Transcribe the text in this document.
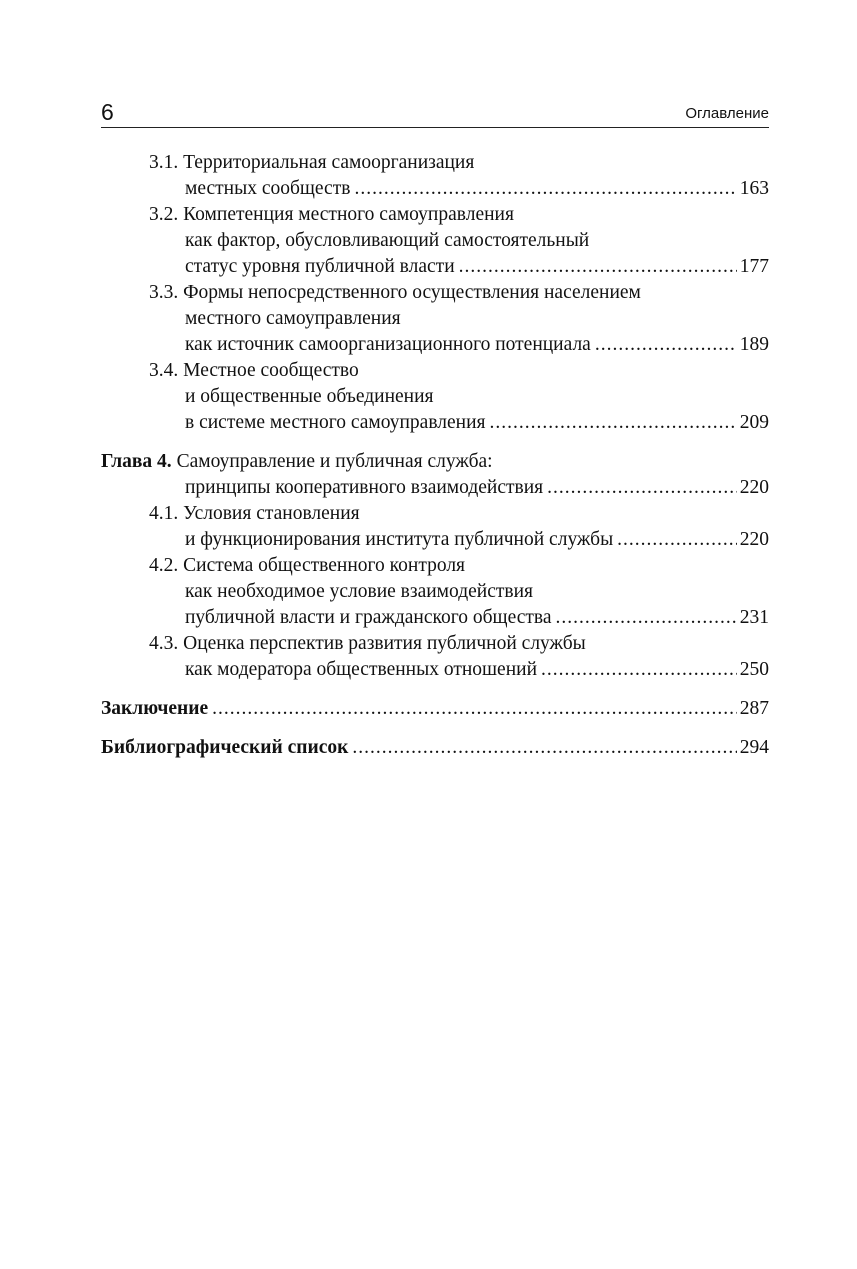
6	Оглавление
3.1. Территориальная самоорганизация
местных сообществ .....	163
3.2. Компетенция местного самоуправления
как фактор, обусловливающий самостоятельный
статус уровня публичной власти .....	177
3.3. Формы непосредственного осуществления населением
местного самоуправления
как источник самоорганизационного потенциала .....	189
3.4. Местное сообщество
и общественные объединения
в системе местного самоуправления .....	209
Глава 4. Самоуправление и публичная служба:
принципы кооперативного взаимодействия .....	220
4.1. Условия становления
и функционирования института публичной службы .....	220
4.2. Система общественного контроля
как необходимое условие взаимодействия
публичной власти и гражданского общества .....	231
4.3. Оценка перспектив развития публичной службы
как модератора общественных отношений .....	250
Заключение .....	287
Библиографический список .....	294
